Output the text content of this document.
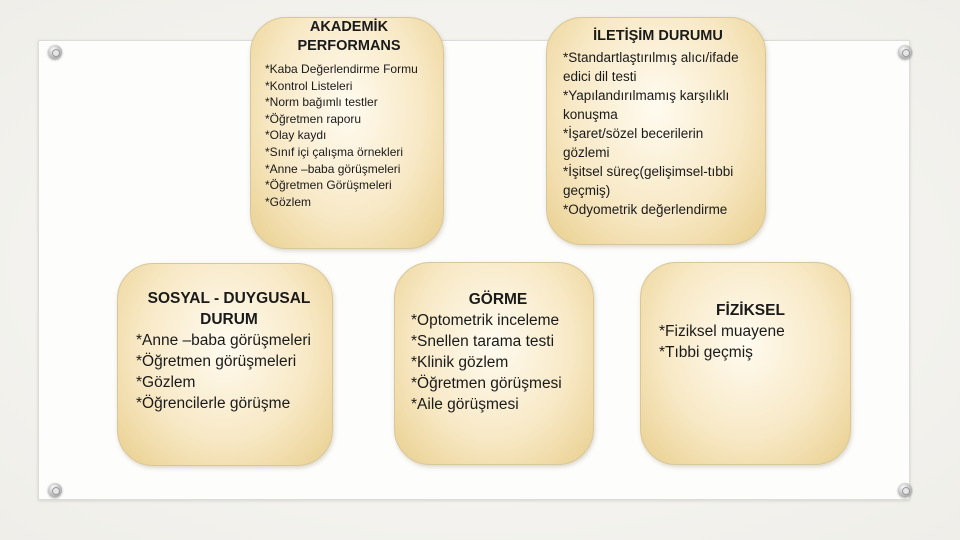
AKADEMİK PERFORMANS
*Kaba Değerlendirme Formu
*Kontrol Listeleri
*Norm bağımlı testler
*Öğretmen raporu
*Olay kaydı
*Sınıf içi çalışma örnekleri
*Anne –baba görüşmeleri
*Öğretmen Görüşmeleri
*Gözlem
İLETİŞİM DURUMU
*Standartlaştırılmış alıcı/ifade edici dil testi
*Yapılandırılmamış karşılıklı konuşma
*İşaret/sözel becerilerin gözlemi
*İşitsel süreç(gelişimsel-tıbbi geçmiş)
*Odyometrik değerlendirme
SOSYAL - DUYGUSAL DURUM
*Anne –baba görüşmeleri
*Öğretmen görüşmeleri
*Gözlem
*Öğrencilerle görüşme
GÖRME
*Optometrik inceleme
*Snellen tarama testi
*Klinik gözlem
*Öğretmen görüşmesi
*Aile görüşmesi
FİZİKSEL
*Fiziksel muayene
*Tıbbi geçmiş
